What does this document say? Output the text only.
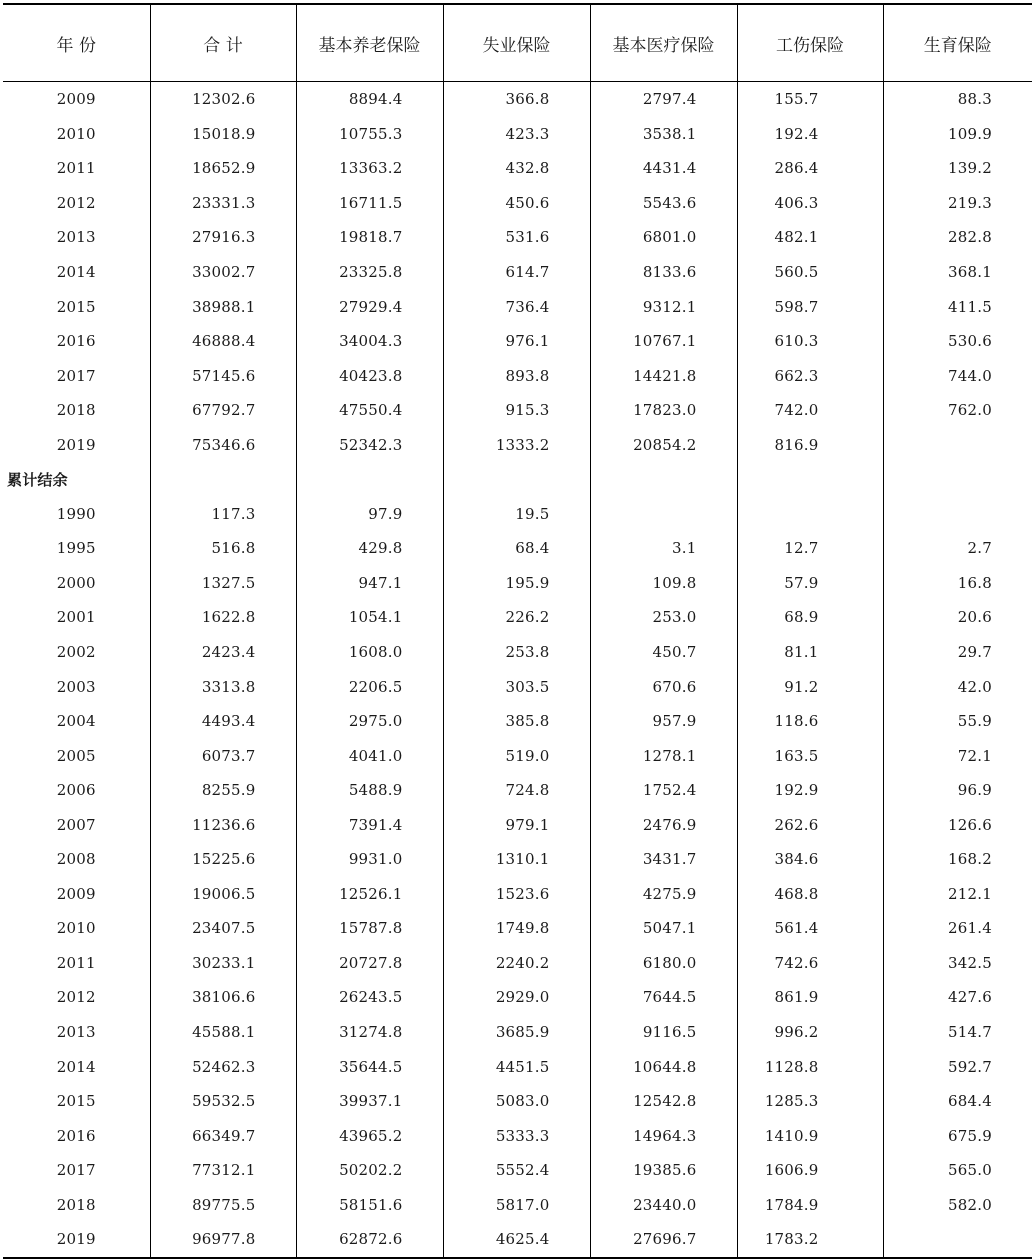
年 份	合 计	基本养老保险	失业保险	基本医疗保险	工伤保险	生育保险
2009	12302.6	8894.4	366.8	2797.4	155.7	88.3
2010	15018.9	10755.3	423.3	3538.1	192.4	109.9
2011	18652.9	13363.2	432.8	4431.4	286.4	139.2
2012	23331.3	16711.5	450.6	5543.6	406.3	219.3
2013	27916.3	19818.7	531.6	6801.0	482.1	282.8
2014	33002.7	23325.8	614.7	8133.6	560.5	368.1
2015	38988.1	27929.4	736.4	9312.1	598.7	411.5
2016	46888.4	34004.3	976.1	10767.1	610.3	530.6
2017	57145.6	40423.8	893.8	14421.8	662.3	744.0
2018	67792.7	47550.4	915.3	17823.0	742.0	762.0
2019	75346.6	52342.3	1333.2	20854.2	816.9	
累计结余						
1990	117.3	97.9	19.5			
1995	516.8	429.8	68.4	3.1	12.7	2.7
2000	1327.5	947.1	195.9	109.8	57.9	16.8
2001	1622.8	1054.1	226.2	253.0	68.9	20.6
2002	2423.4	1608.0	253.8	450.7	81.1	29.7
2003	3313.8	2206.5	303.5	670.6	91.2	42.0
2004	4493.4	2975.0	385.8	957.9	118.6	55.9
2005	6073.7	4041.0	519.0	1278.1	163.5	72.1
2006	8255.9	5488.9	724.8	1752.4	192.9	96.9
2007	11236.6	7391.4	979.1	2476.9	262.6	126.6
2008	15225.6	9931.0	1310.1	3431.7	384.6	168.2
2009	19006.5	12526.1	1523.6	4275.9	468.8	212.1
2010	23407.5	15787.8	1749.8	5047.1	561.4	261.4
2011	30233.1	20727.8	2240.2	6180.0	742.6	342.5
2012	38106.6	26243.5	2929.0	7644.5	861.9	427.6
2013	45588.1	31274.8	3685.9	9116.5	996.2	514.7
2014	52462.3	35644.5	4451.5	10644.8	1128.8	592.7
2015	59532.5	39937.1	5083.0	12542.8	1285.3	684.4
2016	66349.7	43965.2	5333.3	14964.3	1410.9	675.9
2017	77312.1	50202.2	5552.4	19385.6	1606.9	565.0
2018	89775.5	58151.6	5817.0	23440.0	1784.9	582.0
2019	96977.8	62872.6	4625.4	27696.7	1783.2	
